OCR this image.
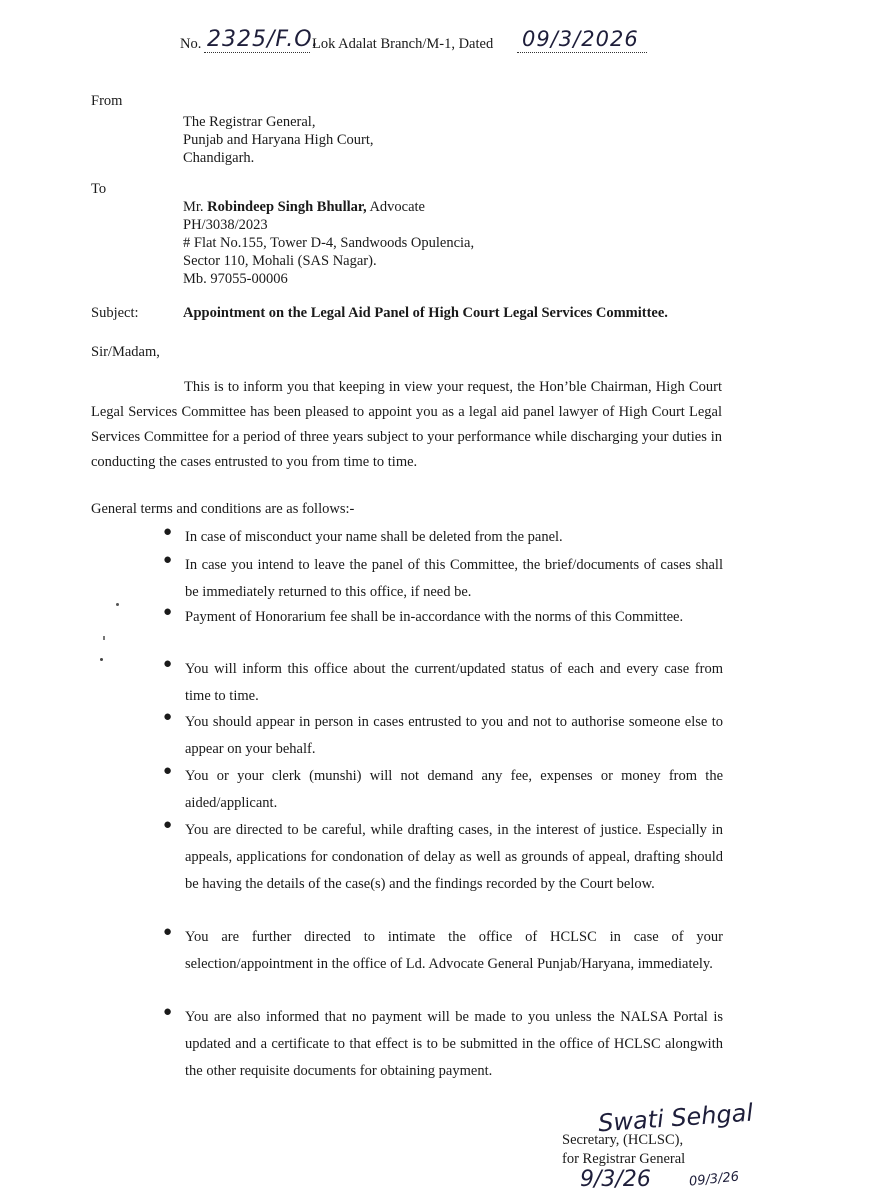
No. 2325/F.O.
Lok Adalat Branch/M-1, Dated 09/3/2026
From
The Registrar General,
Punjab and Haryana High Court,
Chandigarh.
To
Mr. Robindeep Singh Bhullar, Advocate
PH/3038/2023
# Flat No.155, Tower D-4, Sandwoods Opulencia,
Sector 110, Mohali (SAS Nagar).
Mb. 97055-00006
Subject:	Appointment on the Legal Aid Panel of High Court Legal Services Committee.
Sir/Madam,
This is to inform you that keeping in view your request, the Hon’ble Chairman, High Court Legal Services Committee has been pleased to appoint you as a legal aid panel lawyer of High Court Legal Services Committee for a period of three years subject to your performance while discharging your duties in conducting the cases entrusted to you from time to time.
General terms and conditions are as follows:-
● In case of misconduct your name shall be deleted from the panel.
● In case you intend to leave the panel of this Committee, the brief/documents of cases shall be immediately returned to this office, if need be.
● Payment of Honorarium fee shall be in-accordance with the norms of this Committee.
● You will inform this office about the current/updated status of each and every case from time to time.
● You should appear in person in cases entrusted to you and not to authorise someone else to appear on your behalf.
● You or your clerk (munshi) will not demand any fee, expenses or money from the aided/applicant.
● You are directed to be careful, while drafting cases, in the interest of justice. Especially in appeals, applications for condonation of delay as well as grounds of appeal, drafting should be having the details of the case(s) and the findings recorded by the Court below.
● You are further directed to intimate the office of HCLSC in case of your selection/appointment in the office of Ld. Advocate General Punjab/Haryana, immediately.
● You are also informed that no payment will be made to you unless the NALSA Portal is updated and a certificate to that effect is to be submitted in the office of HCLSC alongwith the other requisite documents for obtaining payment.
Swati Sehgal
Secretary, (HCLSC),
for Registrar General
9/3/26	09/3/26
